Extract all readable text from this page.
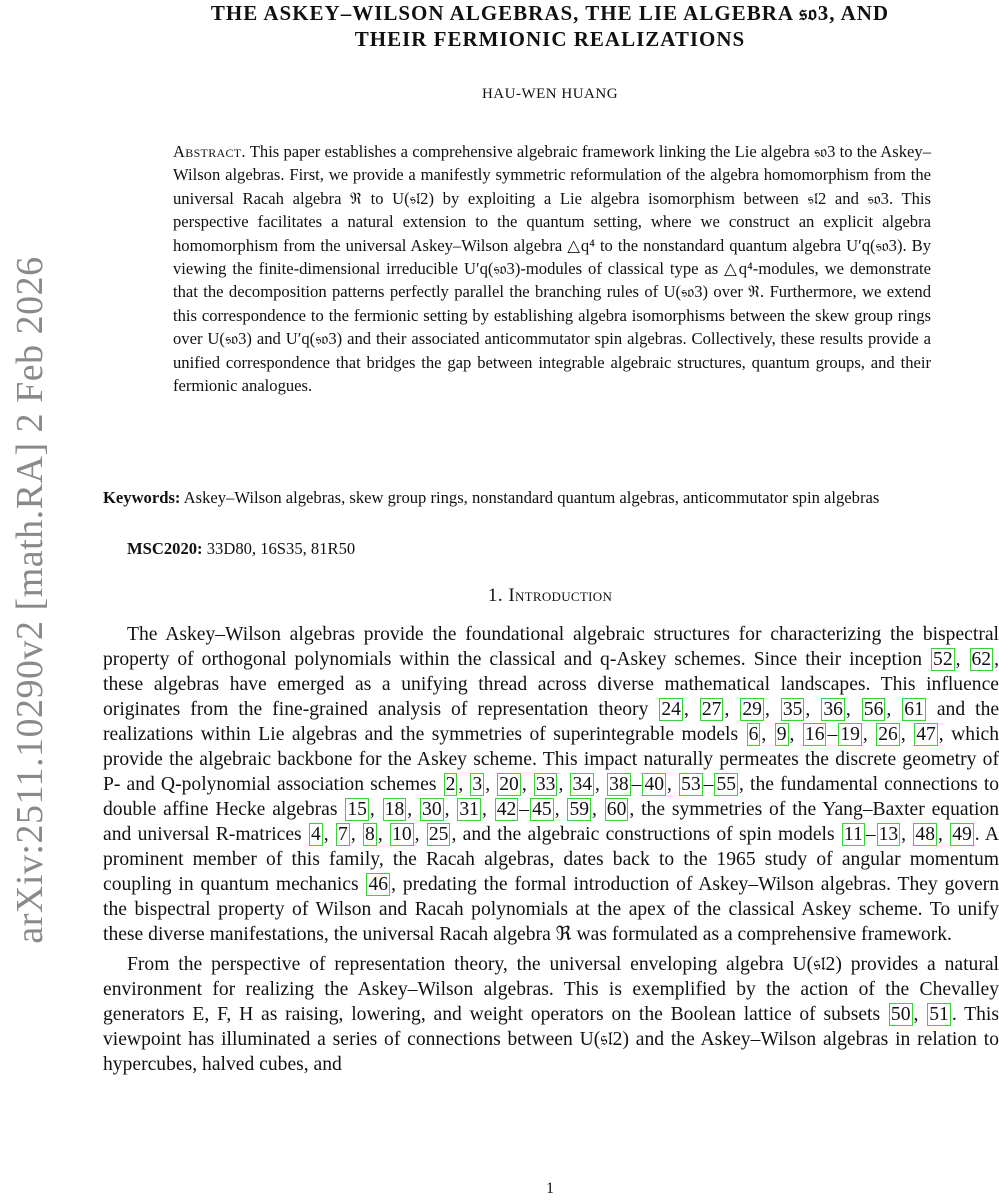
arXiv:2511.10290v2 [math.RA] 2 Feb 2026
THE ASKEY–WILSON ALGEBRAS, THE LIE ALGEBRA 𝔰𝔬3, AND
THEIR FERMIONIC REALIZATIONS
HAU-WEN HUANG
Abstract. This paper establishes a comprehensive algebraic framework linking the Lie algebra 𝔰𝔬3 to the Askey–Wilson algebras. First, we provide a manifestly symmetric reformulation of the algebra homomorphism from the universal Racah algebra ℜ to U(𝔰𝔩2) by exploiting a Lie algebra isomorphism between 𝔰𝔩2 and 𝔰𝔬3. This perspective facilitates a natural extension to the quantum setting, where we construct an explicit algebra homomorphism from the universal Askey–Wilson algebra △q⁴ to the nonstandard quantum algebra U′q(𝔰𝔬3). By viewing the finite-dimensional irreducible U′q(𝔰𝔬3)-modules of classical type as △q⁴-modules, we demonstrate that the decomposition patterns perfectly parallel the branching rules of U(𝔰𝔬3) over ℜ. Furthermore, we extend this correspondence to the fermionic setting by establishing algebra isomorphisms between the skew group rings over U(𝔰𝔬3) and U′q(𝔰𝔬3) and their associated anticommutator spin algebras. Collectively, these results provide a unified correspondence that bridges the gap between integrable algebraic structures, quantum groups, and their fermionic analogues.
Keywords: Askey–Wilson algebras, skew group rings, nonstandard quantum algebras, anticommutator spin algebras
MSC2020: 33D80, 16S35, 81R50
1. Introduction

The Askey–Wilson algebras provide the foundational algebraic structures for characterizing the bispectral property of orthogonal polynomials within the classical and q-Askey schemes. Since their inception 52 , 62 , these algebras have emerged as a unifying thread across diverse mathematical landscapes. This influence originates from the fine-grained analysis of representation theory 24 , 27 , 29 , 35 , 36 , 56 , 61 and the realizations within Lie algebras and the symmetries of superintegrable models 6 , 9 , 16 – 19 , 26 , 47 , which provide the algebraic backbone for the Askey scheme. This impact naturally permeates the discrete geometry of P- and Q-polynomial association schemes 2 , 3 , 20 , 33 , 34 , 38 – 40 , 53 – 55 , the fundamental connections to double affine Hecke algebras 15 , 18 , 30 , 31 , 42 – 45 , 59 , 60 , the symmetries of the Yang–Baxter equation and universal R-matrices 4 , 7 , 8 , 10 , 25 , and the algebraic constructions of spin models 11 – 13 , 48 , 49 . A prominent member of this family, the Racah algebras, dates back to the 1965 study of angular momentum coupling in quantum mechanics 46 , predating the formal introduction of Askey–Wilson algebras. They govern the bispectral property of Wilson and Racah polynomials at the apex of the classical Askey scheme. To unify these diverse manifestations, the universal Racah algebra ℜ was formulated as a comprehensive framework.

From the perspective of representation theory, the universal enveloping algebra U(𝔰𝔩2) provides a natural environment for realizing the Askey–Wilson algebras. This is exemplified by the action of the Chevalley generators E, F, H as raising, lowering, and weight operators on the Boolean lattice of subsets 50 , 51 . This viewpoint has illuminated a series of connections between U(𝔰𝔩2) and the Askey–Wilson algebras in relation to hypercubes, halved cubes, and

1
